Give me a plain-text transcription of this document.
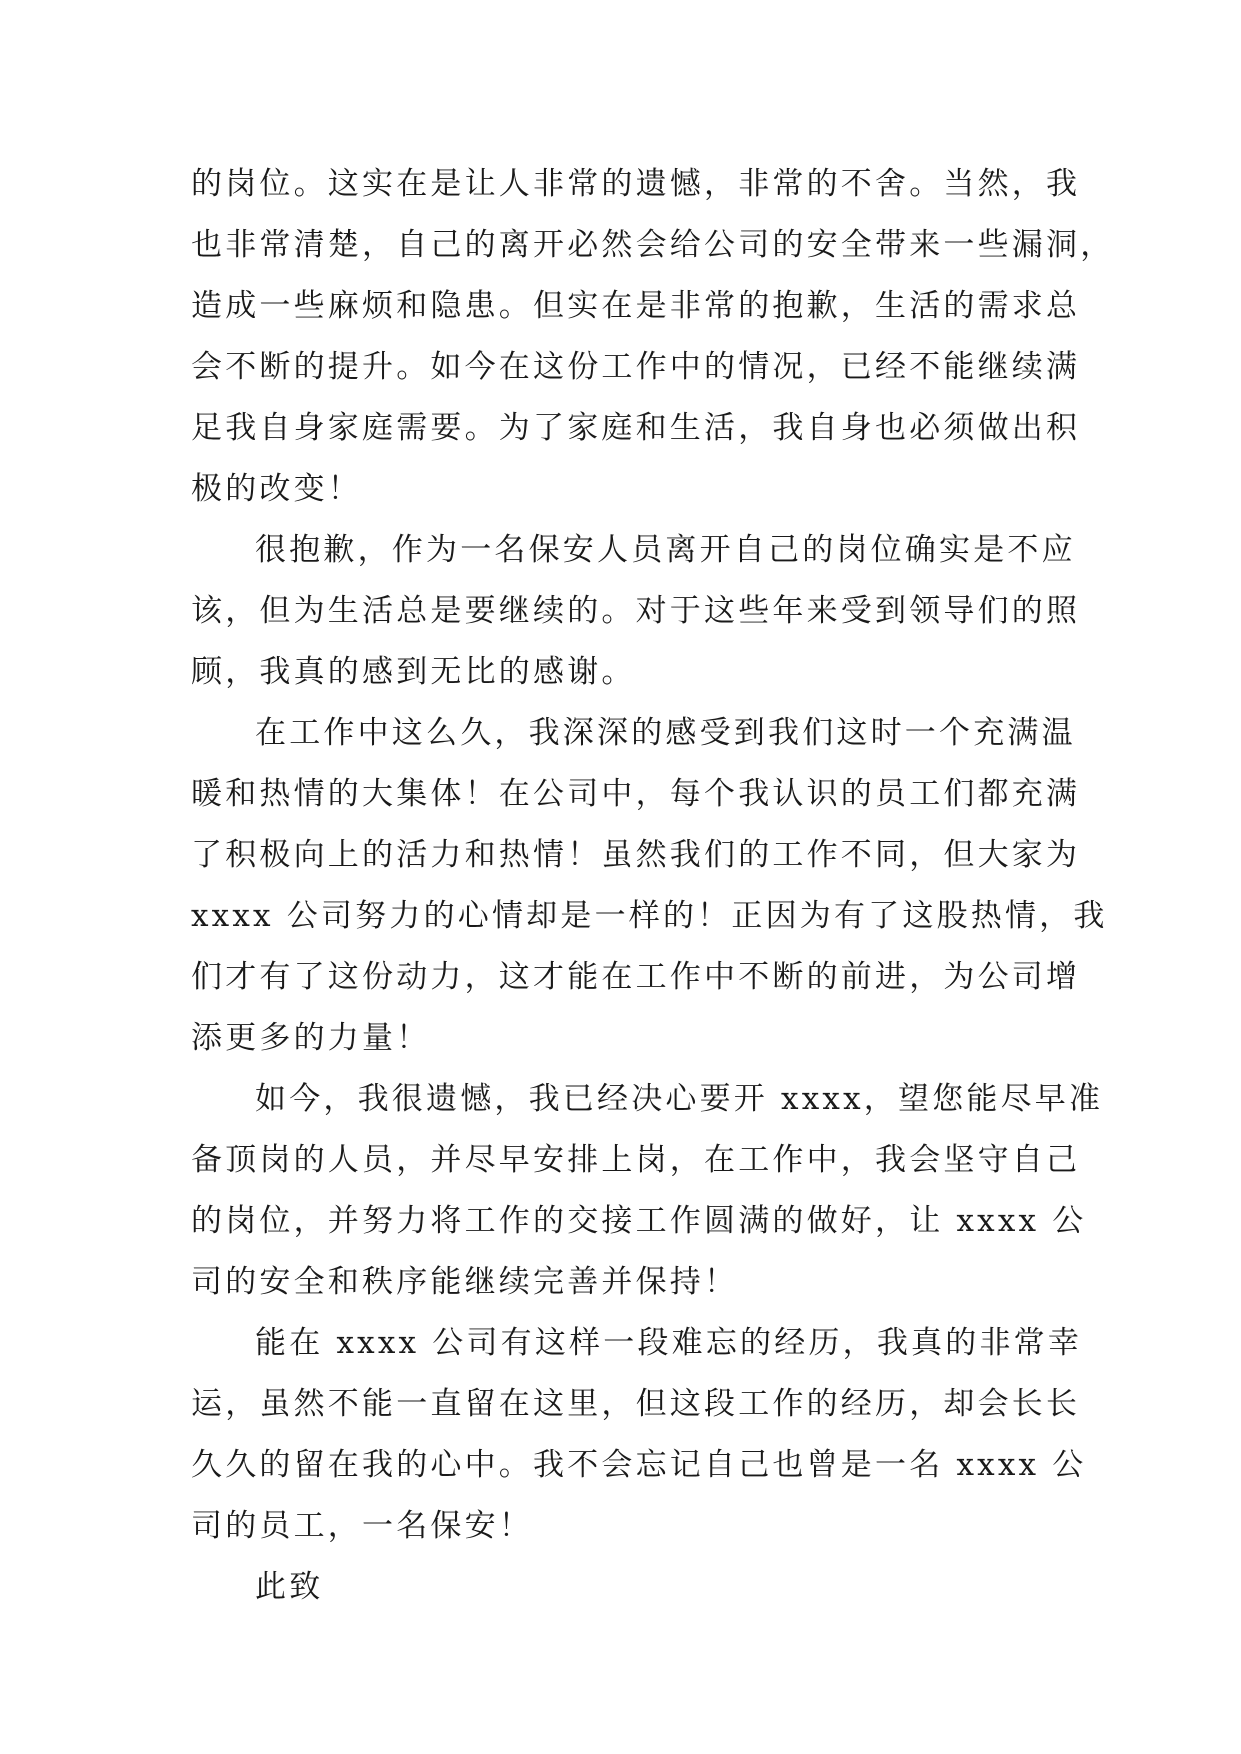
的岗位。这实在是让人非常的遗憾，非常的不舍。当然，我
也非常清楚，自己的离开必然会给公司的安全带来一些漏洞，
造成一些麻烦和隐患。但实在是非常的抱歉，生活的需求总
会不断的提升。如今在这份工作中的情况，已经不能继续满
足我自身家庭需要。为了家庭和生活，我自身也必须做出积
极的改变！
很抱歉，作为一名保安人员离开自己的岗位确实是不应
该，但为生活总是要继续的。对于这些年来受到领导们的照
顾，我真的感到无比的感谢。
在工作中这么久，我深深的感受到我们这时一个充满温
暖和热情的大集体！在公司中，每个我认识的员工们都充满
了积极向上的活力和热情！虽然我们的工作不同，但大家为
xxxx 公司努力的心情却是一样的！正因为有了这股热情，我
们才有了这份动力，这才能在工作中不断的前进，为公司增
添更多的力量！
如今，我很遗憾，我已经决心要开 xxxx，望您能尽早准
备顶岗的人员，并尽早安排上岗，在工作中，我会坚守自己
的岗位，并努力将工作的交接工作圆满的做好，让 xxxx 公
司的安全和秩序能继续完善并保持！
能在 xxxx 公司有这样一段难忘的经历，我真的非常幸
运，虽然不能一直留在这里，但这段工作的经历，却会长长
久久的留在我的心中。我不会忘记自己也曾是一名 xxxx 公
司的员工，一名保安！
此致
